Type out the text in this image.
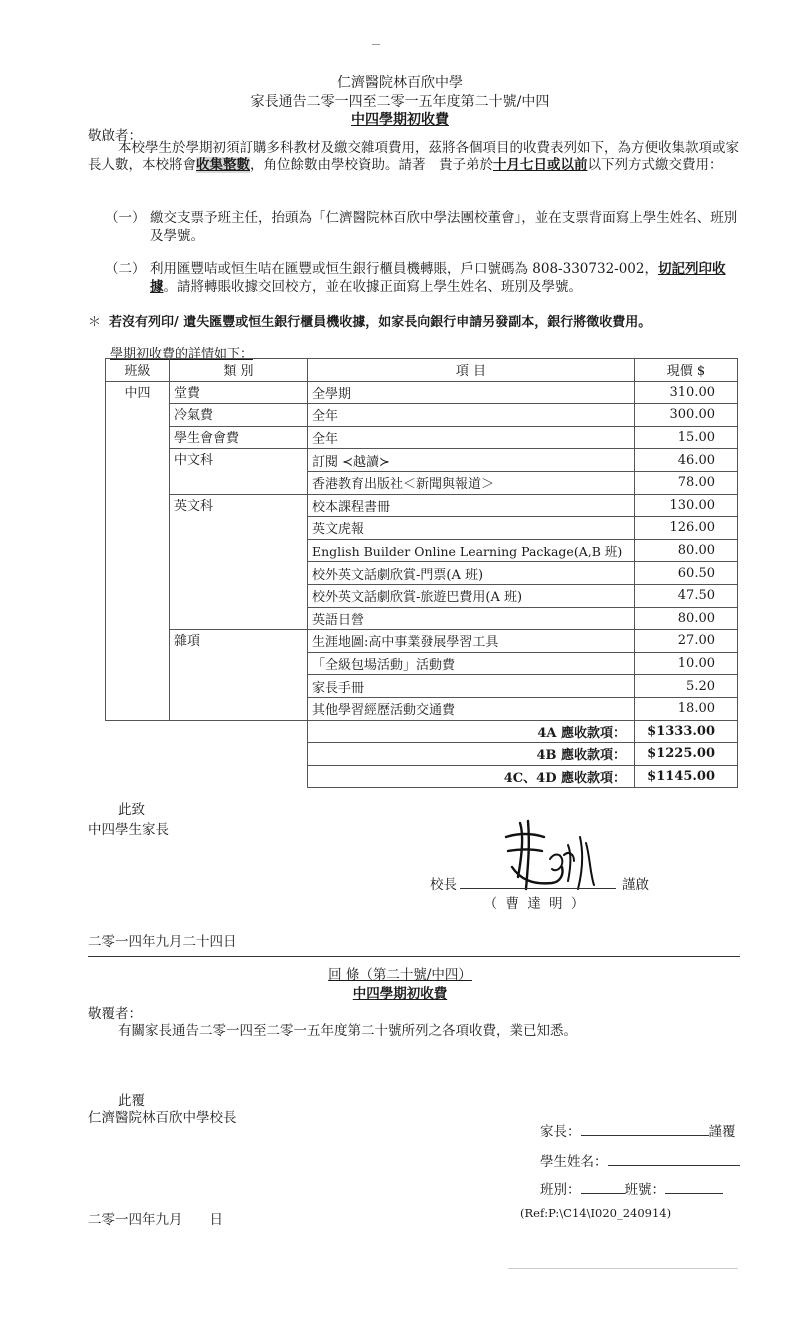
仁濟醫院林百欣中學
家長通告二零一四至二零一五年度第二十號/中四
中四學期初收費
敬啟者：
本校學生於學期初須訂購多科教材及繳交雜項費用，茲將各個項目的收費表列如下，為方便收集款項或家長人數，本校將會收集整數，角位餘數由學校資助。請著　貴子弟於十月七日或以前以下列方式繳交費用：
（一） 繳交支票予班主任，抬頭為「仁濟醫院林百欣中學法團校董會」，並在支票背面寫上學生姓名、班別及學號。
（二） 利用匯豐咭或恒生咭在匯豐或恒生銀行櫃員機轉賬，戶口號碼為 808-330732-002，切記列印收據。請將轉賬收據交回校方，並在收據正面寫上學生姓名、班別及學號。
＊ 若沒有列印/ 遺失匯豐或恒生銀行櫃員機收據，如家長向銀行申請另發副本，銀行將徵收費用。
學期初收費的詳情如下：
班級	類 別	項 目	現價 $
中四	堂費	全學期	310.00
	冷氣費	全年	300.00
	學生會會費	全年	15.00
	中文科	訂閱 ≺越讀≻	46.00
		香港教育出版社＜新聞與報道＞	78.00
	英文科	校本課程書冊	130.00
		英文虎報	126.00
		English Builder Online Learning Package(A,B 班)	80.00
		校外英文話劇欣賞-門票(A 班)	60.50
		校外英文話劇欣賞-旅遊巴費用(A 班)	47.50
		英語日營	80.00
	雜項	生涯地圖:高中事業發展學習工具	27.00
		「全級包場活動」活動費	10.00
		家長手冊	5.20
		其他學習經歷活動交通費	18.00
		4A 應收款項：	$1333.00
		4B 應收款項：	$1225.00
		4C、4D 應收款項：	$1145.00
此致
中四學生家長
校長	謹啟
（ 曹 達 明 ）
二零一四年九月二十四日
回 條（第二十號/中四）
中四學期初收費
敬覆者：
有關家長通告二零一四至二零一五年度第二十號所列之各項收費，業已知悉。
此覆
仁濟醫院林百欣中學校長
家長：	謹覆
學生姓名：
班別：	班號：
二零一四年九月　　日	(Ref:P:\C14\I020_240914)
